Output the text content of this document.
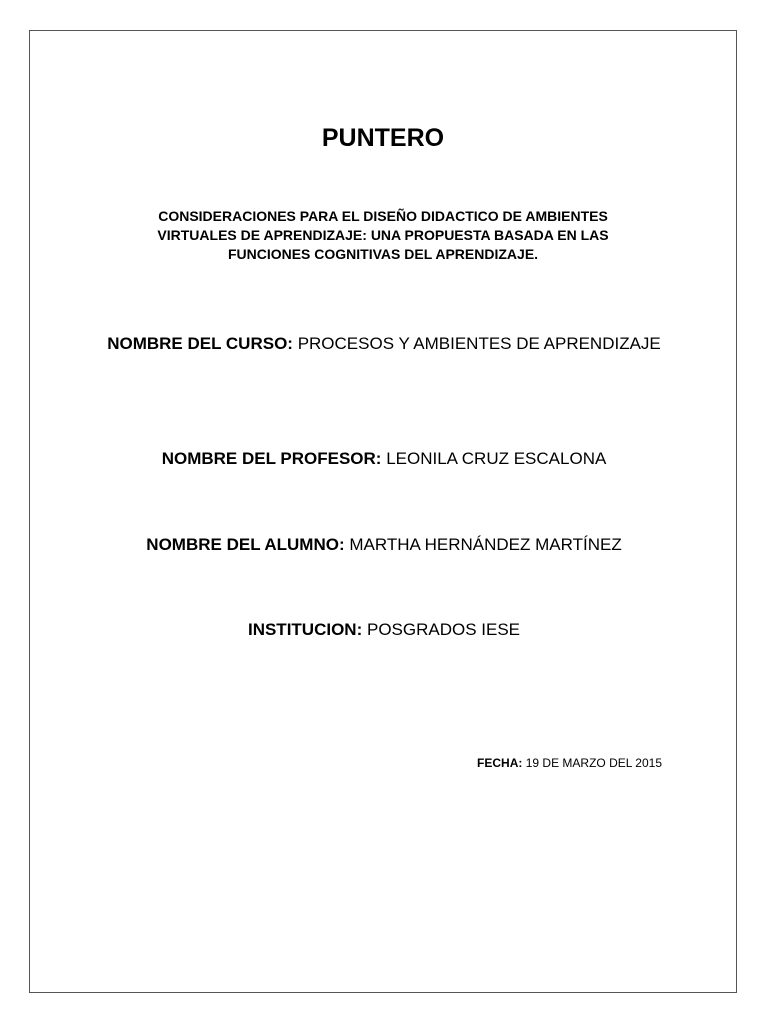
PUNTERO

CONSIDERACIONES PARA EL DISEÑO DIDACTICO DE AMBIENTES VIRTUALES DE APRENDIZAJE: UNA PROPUESTA BASADA EN LAS FUNCIONES COGNITIVAS DEL APRENDIZAJE.

NOMBRE DEL CURSO: PROCESOS Y AMBIENTES DE APRENDIZAJE

NOMBRE DEL PROFESOR: LEONILA CRUZ ESCALONA

NOMBRE DEL ALUMNO: MARTHA HERNÁNDEZ MARTÍNEZ

INSTITUCION: POSGRADOS IESE

FECHA: 19 DE MARZO DEL 2015
